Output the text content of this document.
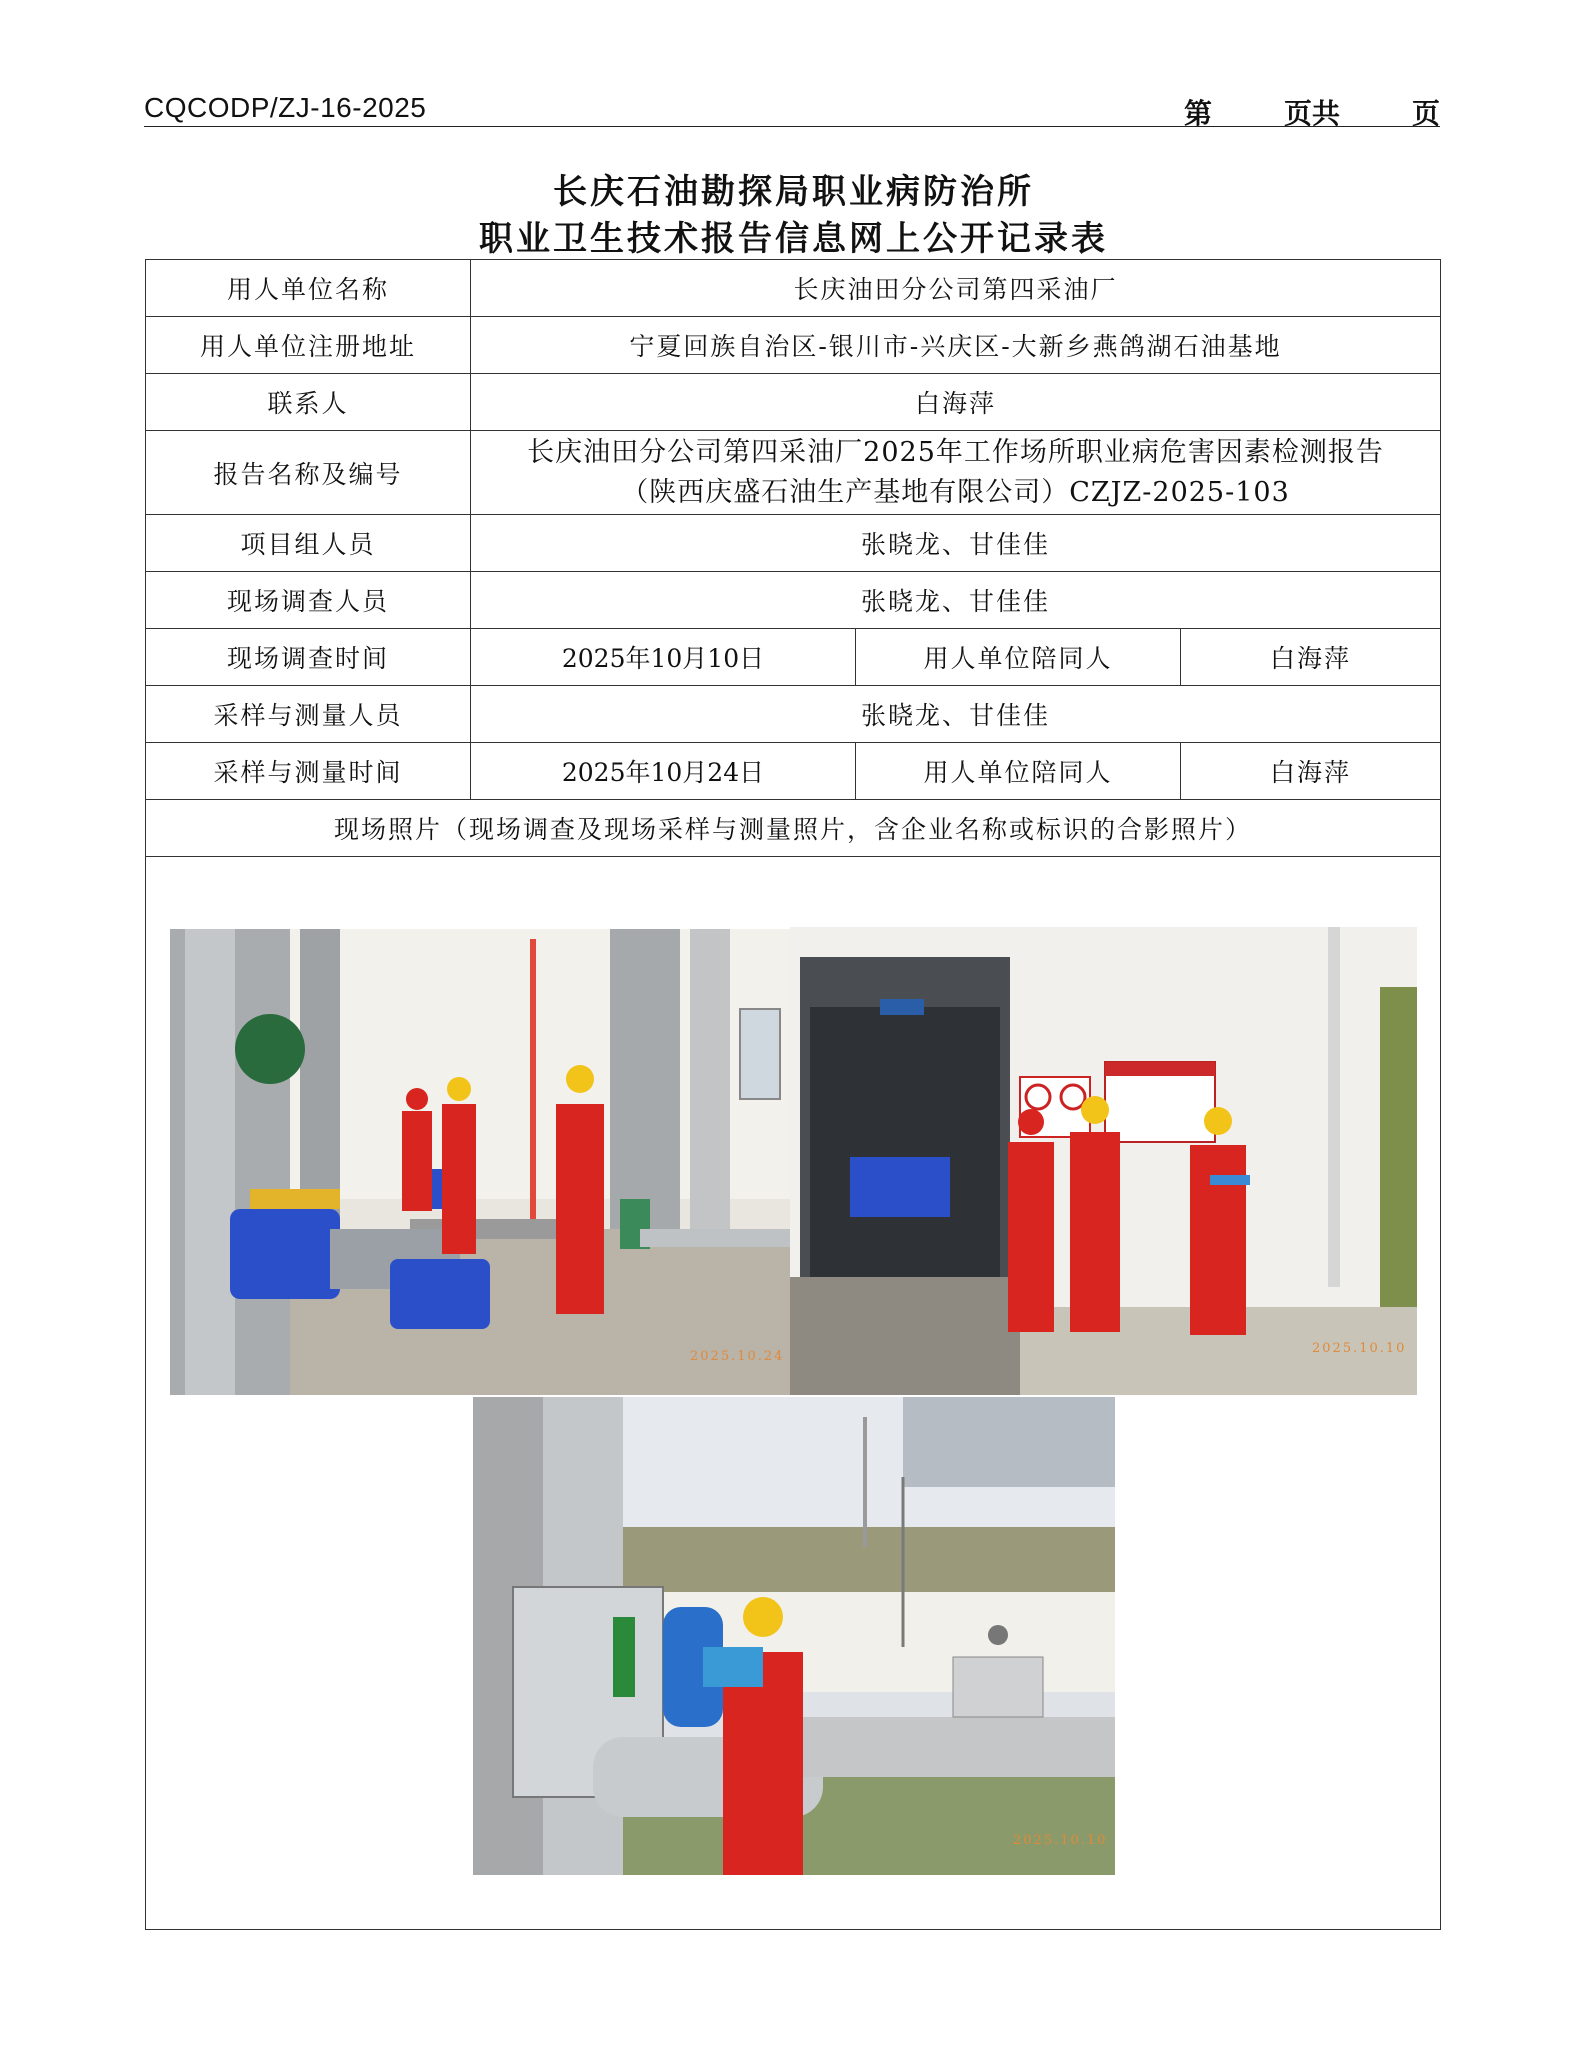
CQCODP/ZJ-16-2025	第	页共	页
长庆石油勘探局职业病防治所
职业卫生技术报告信息网上公开记录表
用人单位名称	长庆油田分公司第四采油厂		
用人单位注册地址	宁夏回族自治区-银川市-兴庆区-大新乡燕鸽湖石油基地		
联系人	白海萍		
报告名称及编号	长庆油田分公司第四采油厂2025年工作场所职业病危害因素检测报告
（陕西庆盛石油生产基地有限公司）CZJZ-2025-103		

项目组人员	张晓龙、甘佳佳		
现场调查人员	张晓龙、甘佳佳		
现场调查时间	2025年10月10日	用人单位陪同人	白海萍
采样与测量人员	张晓龙、甘佳佳		
采样与测量时间	2025年10月24日	用人单位陪同人	白海萍
现场照片（现场调查及现场采样与测量照片，含企业名称或标识的合影照片）			

2025.10.24
2025.10.10
2025.10.10			
